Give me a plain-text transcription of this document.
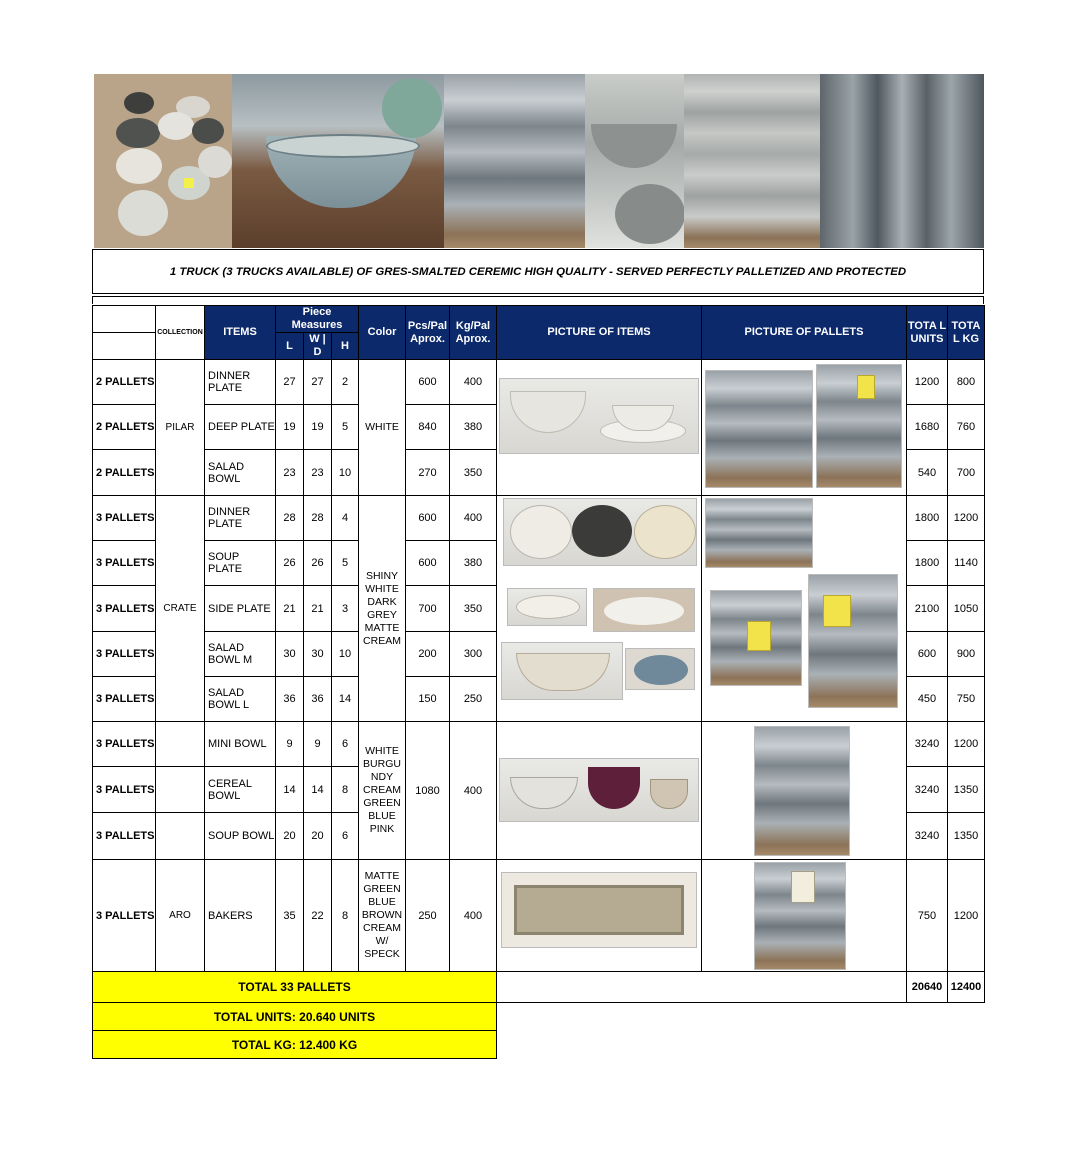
1 TRUCK (3 TRUCKS AVAILABLE) OF GRES-SMALTED CEREMIC HIGH QUALITY - SERVED PERFECTLY PALLETIZED AND PROTECTED
	COLLECTION	ITEMS	Piece Measures			Color	Pcs/Pal Aprox.	Kg/Pal Aprox.	PICTURE OF ITEMS	PICTURE OF PALLETS	TOTA L UNITS	TOTA L KG
			L	W | D	H							
2 PALLETS	PILAR	DINNER PLATE	27	27	2	WHITE	600	400			1200	800
2 PALLETS		DEEP PLATE	19	19	5		840	380			1680	760
2 PALLETS		SALAD BOWL	23	23	10		270	350			540	700
3 PALLETS	CRATE	DINNER PLATE	28	28	4	SHINY WHITE DARK GREY MATTE CREAM	600	400			1800	1200
3 PALLETS		SOUP PLATE	26	26	5		600	380			1800	1140
3 PALLETS		SIDE PLATE	21	21	3		700	350			2100	1050
3 PALLETS		SALAD BOWL M	30	30	10		200	300			600	900
3 PALLETS		SALAD BOWL L	36	36	14		150	250			450	750
3 PALLETS		MINI BOWL	9	9	6	WHITE BURGU NDY CREAM GREEN BLUE PINK	1080	400			3240	1200
3 PALLETS		CEREAL BOWL	14	14	8						3240	1350
3 PALLETS		SOUP BOWL	20	20	6						3240	1350
3 PALLETS	ARO	BAKERS	35	22	8	MATTE GREEN BLUE BROWN CREAM W/ SPECK	250	400			750	1200
TOTAL 33 PALLETS											20640	12400
TOTAL UNITS: 20.640 UNITS												
TOTAL KG: 12.400 KG												
